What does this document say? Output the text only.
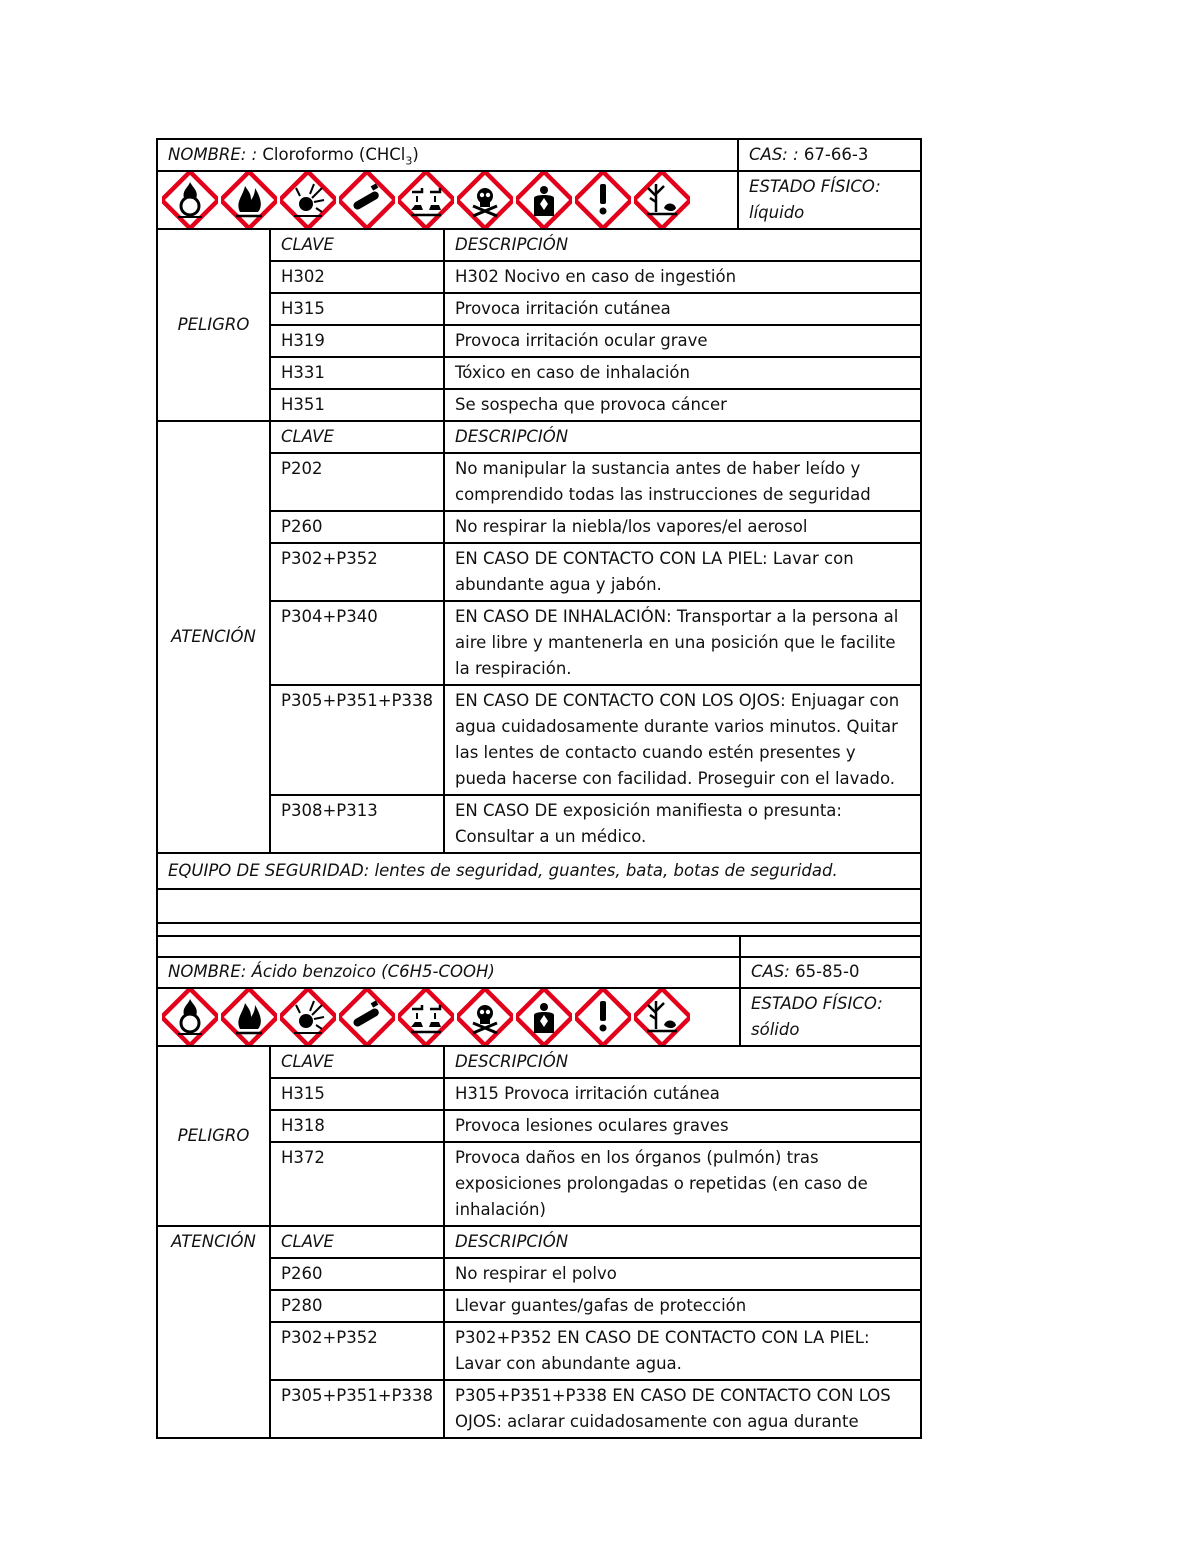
NOMBRE: : Cloroformo (CHCl$_3$)			CAS: : 67-66-3

	ESTADO FÍSICO:
líquido
PELIGRO	CLAVE	DESCRIPCIÓN	
	H302	H302 Nocivo en caso de ingestión	
	H315	Provoca irritación cutánea	
	H319	Provoca irritación ocular grave	
	H331	Tóxico en caso de inhalación	
	H351	Se sospecha que provoca cáncer	
ATENCIÓN	CLAVE	DESCRIPCIÓN	
	P202	No manipular la sustancia antes de haber leído y comprendido todas las instrucciones de seguridad	
	P260	No respirar la niebla/los vapores/el aerosol	
	P302+P352	EN CASO DE CONTACTO CON LA PIEL: Lavar con abundante agua y jabón.	
	P304+P340	EN CASO DE INHALACIÓN: Transportar a la persona al aire libre y mantenerla en una posición que le facilite la respiración.	
	P305+P351+P338	EN CASO DE CONTACTO CON LOS OJOS: Enjuagar con agua cuidadosamente durante varios minutos. Quitar las lentes de contacto cuando estén presentes y pueda hacerse con facilidad. Proseguir con el lavado.	
	P308+P313	EN CASO DE exposición manifiesta o presunta: Consultar a un médico.	
EQUIPO DE SEGURIDAD: lentes de seguridad, guantes, bata, botas de seguridad.			

NOMBRE: Ácido benzoico (C6H5-COOH)			CAS: 65-85-0

	ESTADO FÍSICO:
sólido
PELIGRO	CLAVE	DESCRIPCIÓN	
	H315	H315 Provoca irritación cutánea	
	H318	Provoca lesiones oculares graves	
	H372	Provoca daños en los órganos (pulmón) tras exposiciones prolongadas o repetidas (en caso de inhalación)	
ATENCIÓN	CLAVE	DESCRIPCIÓN	
	P260	No respirar el polvo	
	P280	Llevar guantes/gafas de protección	
	P302+P352	P302+P352 EN CASO DE CONTACTO CON LA PIEL: Lavar con abundante agua.	
	P305+P351+P338	P305+P351+P338 EN CASO DE CONTACTO CON LOS OJOS: aclarar cuidadosamente con agua durante	
